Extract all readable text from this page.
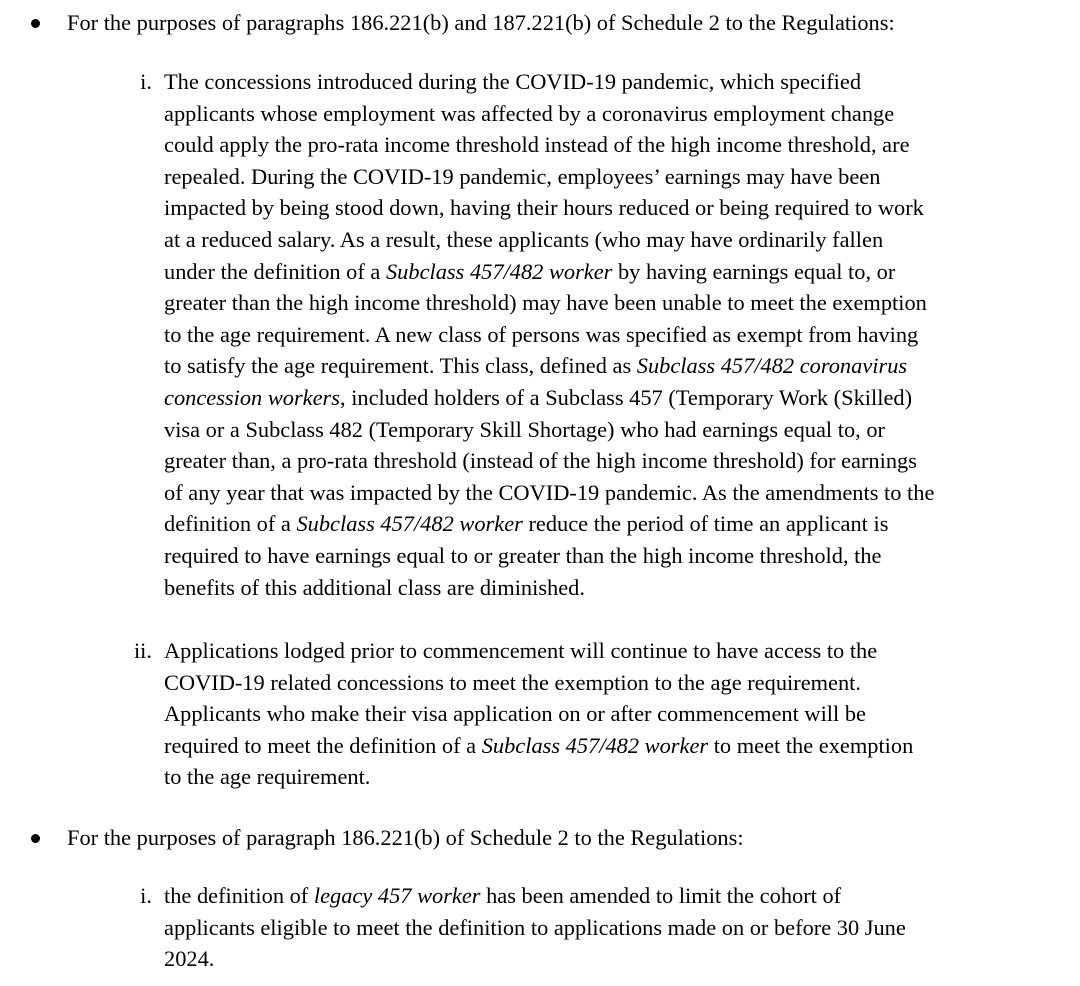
For the purposes of paragraphs 186.221(b) and 187.221(b) of Schedule 2 to the Regulations:
i. The concessions introduced during the COVID-19 pandemic, which specified
applicants whose employment was affected by a coronavirus employment change
could apply the pro-rata income threshold instead of the high income threshold, are
repealed. During the COVID-19 pandemic, employees’ earnings may have been
impacted by being stood down, having their hours reduced or being required to work
at a reduced salary. As a result, these applicants (who may have ordinarily fallen
under the definition of a Subclass 457/482 worker by having earnings equal to, or
greater than the high income threshold) may have been unable to meet the exemption
to the age requirement. A new class of persons was specified as exempt from having
to satisfy the age requirement. This class, defined as Subclass 457/482 coronavirus
concession workers, included holders of a Subclass 457 (Temporary Work (Skilled)
visa or a Subclass 482 (Temporary Skill Shortage) who had earnings equal to, or
greater than, a pro-rata threshold (instead of the high income threshold) for earnings
of any year that was impacted by the COVID-19 pandemic. As the amendments to the
definition of a Subclass 457/482 worker reduce the period of time an applicant is
required to have earnings equal to or greater than the high income threshold, the
benefits of this additional class are diminished.
ii. Applications lodged prior to commencement will continue to have access to the
COVID-19 related concessions to meet the exemption to the age requirement.
Applicants who make their visa application on or after commencement will be
required to meet the definition of a Subclass 457/482 worker to meet the exemption
to the age requirement.
For the purposes of paragraph 186.221(b) of Schedule 2 to the Regulations:
i. the definition of legacy 457 worker has been amended to limit the cohort of
applicants eligible to meet the definition to applications made on or before 30 June
2024.
